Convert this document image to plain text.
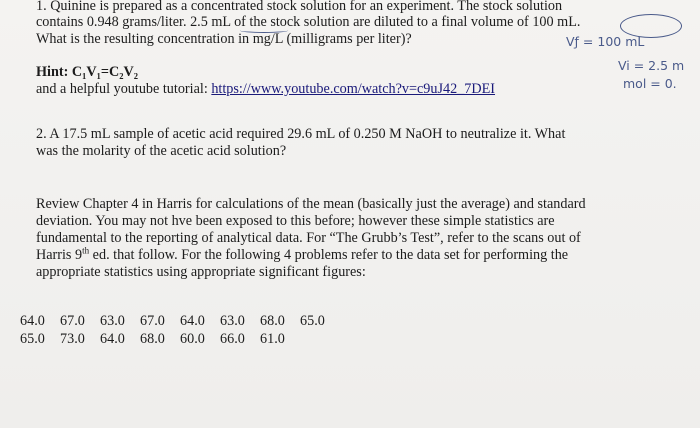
1. Quinine is prepared as a concentrated stock solution for an experiment. The stock solution
contains 0.948 grams/liter. 2.5 mL of the stock solution are diluted to a final volume of 100 mL.
What is the resulting concentration in mg/L (milligrams per liter)?	Vƒ = 100 mL
Vi = 2.5 m
mol = 0.
Hint: C₁V₁=C₂V₂
and a helpful youtube tutorial: https://www.youtube.com/watch?v=c9uJ42_7DEI
2. A 17.5 mL sample of acetic acid required 29.6 mL of 0.250 M NaOH to neutralize it. What
was the molarity of the acetic acid solution?
Review Chapter 4 in Harris for calculations of the mean (basically just the average) and standard
deviation. You may not hve been exposed to this before; however these simple statistics are
fundamental to the reporting of analytical data. For “The Grubb’s Test”, refer to the scans out of
Harris 9th ed. that follow. For the following 4 problems refer to the data set for performing the
appropriate statistics using appropriate significant figures:
64.0	67.0	63.0	67.0	64.0	63.0	68.0	65.0
65.0	73.0	64.0	68.0	60.0	66.0	61.0
